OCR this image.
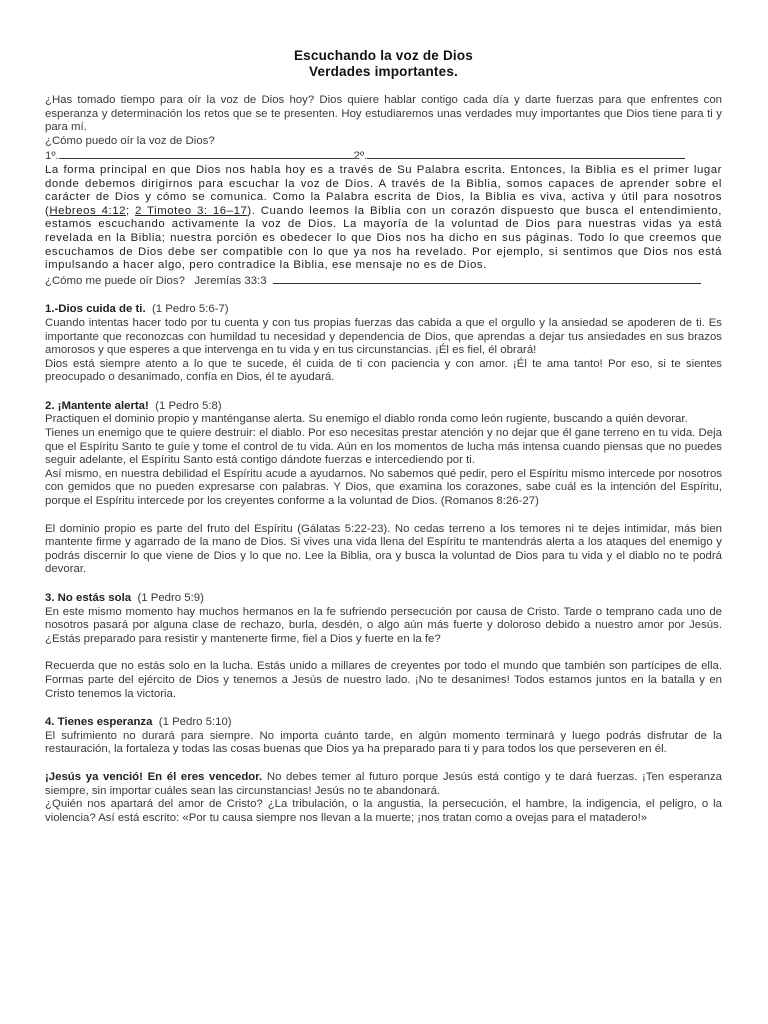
Escuchando la voz de Dios
Verdades importantes.

¿Has tomado tiempo para oír la voz de Dios hoy? Dios quiere hablar contigo cada día y darte fuerzas para que enfrentes con esperanza y determinación los retos que se te presenten. Hoy estudiaremos unas verdades muy importantes que Dios tiene para ti y para mí.

¿Cómo puedo oír la voz de Dios?

1º.	2º.

La forma principal en que Dios nos habla hoy es a través de Su Palabra escrita. Entonces, la Biblia es el primer lugar donde debemos dirigirnos para escuchar la voz de Dios. A través de la Biblia, somos capaces de aprender sobre el carácter de Dios y cómo se comunica. Como la Palabra escrita de Dios, la Biblia es viva, activa y útil para nosotros (Hebreos 4:12; 2 Timoteo 3: 16–17). Cuando leemos la Biblia con un corazón dispuesto que busca el entendimiento, estamos escuchando activamente la voz de Dios. La mayoría de la voluntad de Dios para nuestras vidas ya está revelada en la Biblia; nuestra porción es obedecer lo que Dios nos ha dicho en sus páginas. Todo lo que creemos que escuchamos de Dios debe ser compatible con lo que ya nos ha revelado. Por ejemplo, si sentimos que Dios nos está impulsando a hacer algo, pero contradice la Biblia, ese mensaje no es de Dios.

¿Cómo me puede oír Dios?   Jeremías 33:3

1.-Dios cuida de ti. (1 Pedro 5:6-7)

Cuando intentas hacer todo por tu cuenta y con tus propias fuerzas das cabida a que el orgullo y la ansiedad se apoderen de ti. Es importante que reconozcas con humildad tu necesidad y dependencia de Dios, que aprendas a dejar tus ansiedades en sus brazos amorosos y que esperes a que intervenga en tu vida y en tus circunstancias. ¡Él es fiel, él obrará!

Dios está siempre atento a lo que te sucede, él cuida de ti con paciencia y con amor. ¡Él te ama tanto! Por eso, si te sientes preocupado o desanimado, confía en Dios, él te ayudará.

2. ¡Mantente alerta! (1 Pedro 5:8)

Practiquen el dominio propio y manténganse alerta. Su enemigo el diablo ronda como león rugiente, buscando a quién devorar.

Tienes un enemigo que te quiere destruir: el diablo. Por eso necesitas prestar atención y no dejar que él gane terreno en tu vida. Deja que el Espíritu Santo te guíe y tome el control de tu vida. Aún en los momentos de lucha más intensa cuando piensas que no puedes seguir adelante, el Espíritu Santo está contigo dándote fuerzas e intercediendo por ti.

Así mismo, en nuestra debilidad el Espíritu acude a ayudarnos. No sabemos qué pedir, pero el Espíritu mismo intercede por nosotros con gemidos que no pueden expresarse con palabras. Y Dios, que examina los corazones, sabe cuál es la intención del Espíritu, porque el Espíritu intercede por los creyentes conforme a la voluntad de Dios. (Romanos 8:26-27)

El dominio propio es parte del fruto del Espíritu (Gálatas 5:22-23). No cedas terreno a los temores ni te dejes intimidar, más bien mantente firme y agarrado de la mano de Dios. Si vives una vida llena del Espíritu te mantendrás alerta a los ataques del enemigo y podrás discernir lo que viene de Dios y lo que no. Lee la Biblia, ora y busca la voluntad de Dios para tu vida y el diablo no te podrá devorar.

3. No estás sola (1 Pedro 5:9)

En este mismo momento hay muchos hermanos en la fe sufriendo persecución por causa de Cristo. Tarde o temprano cada uno de nosotros pasará por alguna clase de rechazo, burla, desdén, o algo aún más fuerte y doloroso debido a nuestro amor por Jesús. ¿Estás preparado para resistir y mantenerte firme, fiel a Dios y fuerte en la fe?

Recuerda que no estás solo en la lucha. Estás unido a millares de creyentes por todo el mundo que también son partícipes de ella. Formas parte del ejército de Dios y tenemos a Jesús de nuestro lado. ¡No te desanimes! Todos estamos juntos en la batalla y en Cristo tenemos la victoria.

4. Tienes esperanza (1 Pedro 5:10)

El sufrimiento no durará para siempre. No importa cuánto tarde, en algún momento terminará y luego podrás disfrutar de la restauración, la fortaleza y todas las cosas buenas que Dios ya ha preparado para ti y para todos los que perseveren en él.

¡Jesús ya venció! En él eres vencedor. No debes temer al futuro porque Jesús está contigo y te dará fuerzas. ¡Ten esperanza siempre, sin importar cuáles sean las circunstancias! Jesús no te abandonará.

¿Quién nos apartará del amor de Cristo? ¿La tribulación, o la angustia, la persecución, el hambre, la indigencia, el peligro, o la violencia? Así está escrito: «Por tu causa siempre nos llevan a la muerte; ¡nos tratan como a ovejas para el matadero!»
